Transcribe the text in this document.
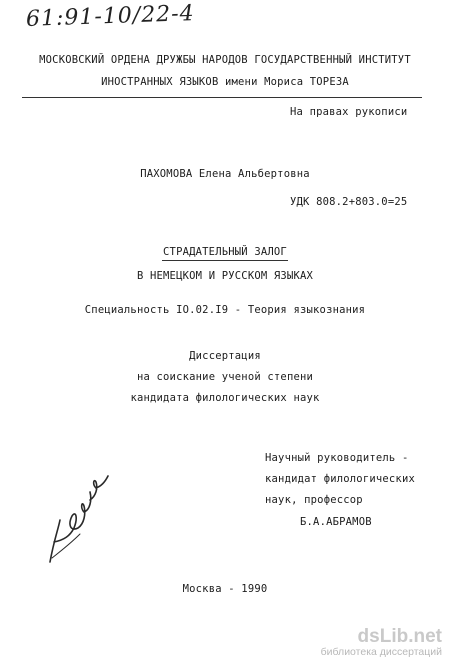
61:91-10/22-4
МОСКОВСКИЙ ОРДЕНА ДРУЖБЫ НАРОДОВ ГОСУДАРСТВЕННЫЙ ИНСТИТУТ
ИНОСТРАННЫХ ЯЗЫКОВ имени Мориса ТОРЕЗА
На правах рукописи
ПАХОМОВА Елена Альбертовна
УДК 808.2+803.0=25
СТРАДАТЕЛЬНЫЙ ЗАЛОГ
В НЕМЕЦКОМ И РУССКОМ ЯЗЫКАХ
Специальность IO.02.I9 - Теория языкознания
Диссертация
на соискание ученой степени
кандидата филологических наук
Научный руководитель -
кандидат филологических
наук, профессор
Б.А.АБРАМОВ
Москва - 1990
dsLib.net
библиотека диссертаций
